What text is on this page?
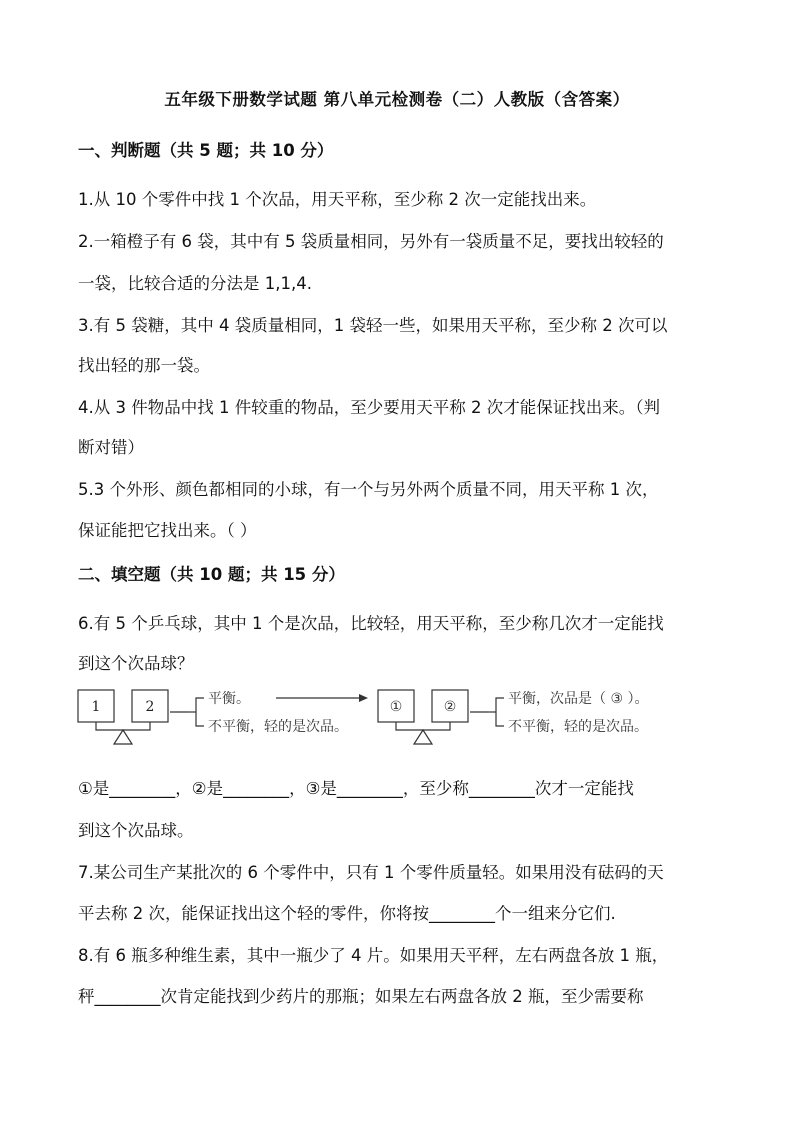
五年级下册数学试题 第八单元检测卷（二）人教版（含答案）
一、判断题（共 5 题；共 10 分）
1.从 10 个零件中找 1 个次品，用天平称，至少称 2 次一定能找出来。
2.一箱橙子有 6 袋，其中有 5 袋质量相同，另外有一袋质量不足，要找出较轻的
一袋，比较合适的分法是 1,1,4.
3.有 5 袋糖，其中 4 袋质量相同，1 袋轻一些，如果用天平称，至少称 2 次可以
找出轻的那一袋。
4.从 3 件物品中找 1 件较重的物品，至少要用天平称 2 次才能保证找出来。（判
断对错）
5.3 个外形、颜色都相同的小球，有一个与另外两个质量不同，用天平称 1 次，
保证能把它找出来。（ ）
二、填空题（共 10 题；共 15 分）
6.有 5 个乒乓球，其中 1 个是次品，比较轻，用天平称，至少称几次才一定能找
到这个次品球？
1	2	平衡。
不平衡，轻的是次品。
①	②	平衡，次品是（ ③ ）。
不平衡，轻的是次品。
①是________，②是________，③是________，至少称________次才一定能找
到这个次品球。
7.某公司生产某批次的 6 个零件中，只有 1 个零件质量轻。如果用没有砝码的天
平去称 2 次，能保证找出这个轻的零件，你将按________个一组来分它们.
8.有 6 瓶多种维生素，其中一瓶少了 4 片。如果用天平秤，左右两盘各放 1 瓶，
秤________次肯定能找到少药片的那瓶；如果左右两盘各放 2 瓶，至少需要称
